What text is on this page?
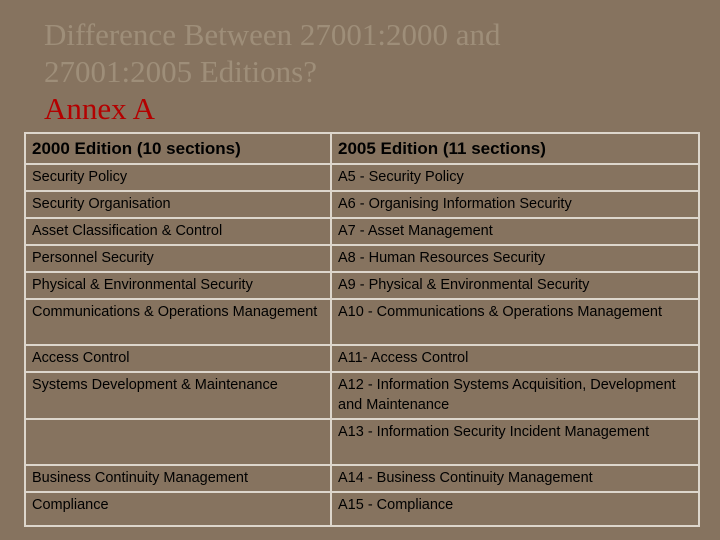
Difference Between 27001:2000 and
27001:2005 Editions?
Annex A
2000 Edition (10 sections)	2005 Edition (11 sections)
Security Policy	A5 - Security Policy
Security Organisation	A6 - Organising Information Security
Asset Classification & Control	A7 - Asset Management
Personnel Security	A8 - Human Resources Security
Physical & Environmental Security	A9 - Physical & Environmental Security
Communications & Operations Management	A10 - Communications & Operations Management
Access Control	A11- Access Control
Systems Development & Maintenance	A12 - Information Systems Acquisition, Development and Maintenance
	A13 - Information Security Incident Management
Business Continuity Management	A14 - Business Continuity Management
Compliance	A15 - Compliance
